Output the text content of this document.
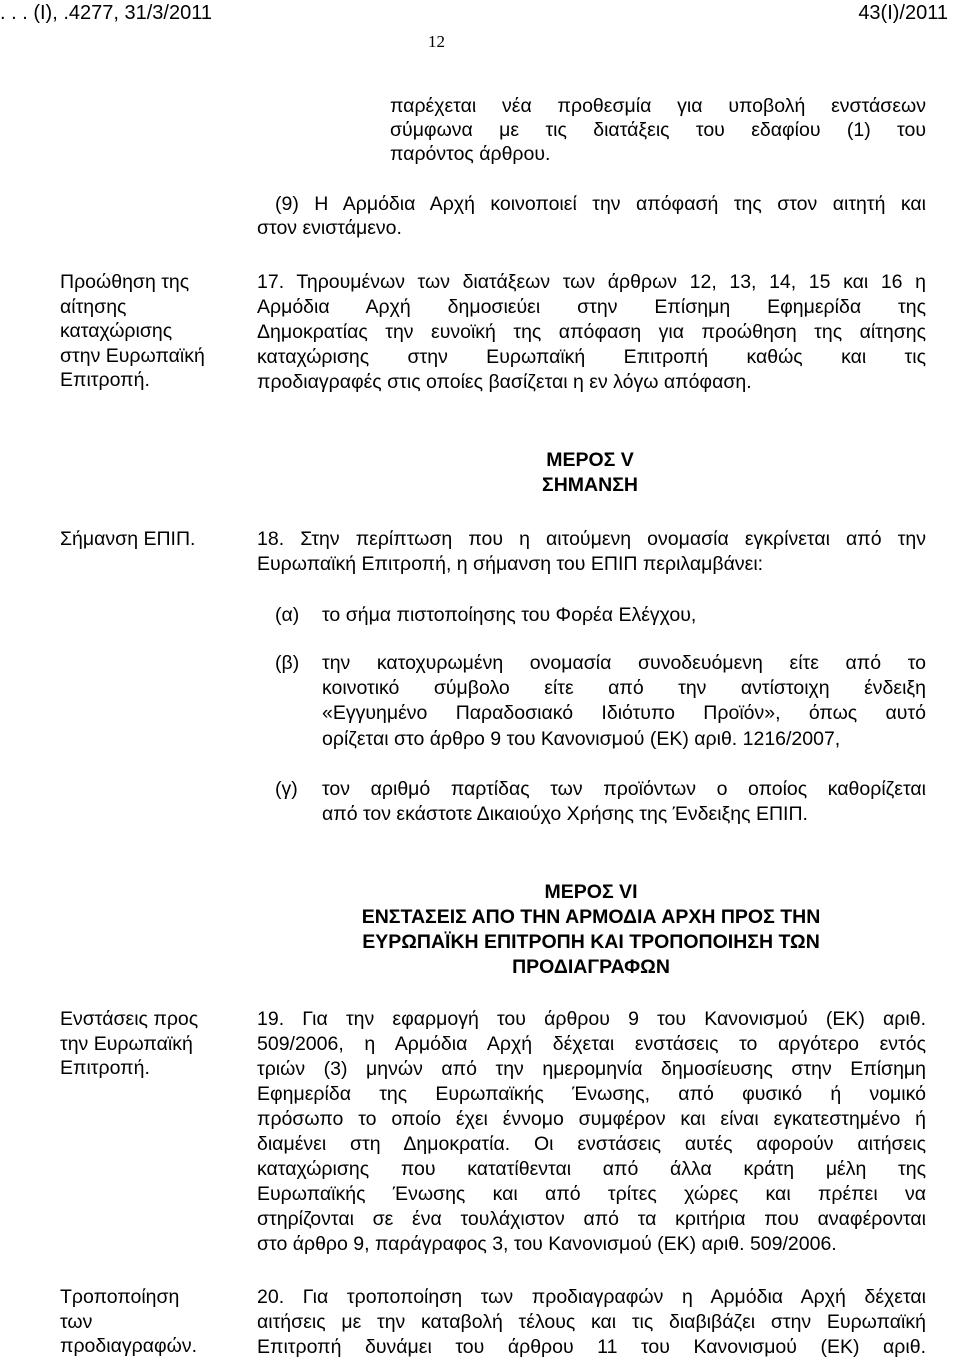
. . . (Ι), .4277, 31/3/2011	43(Ι)/2011
12
παρέχεται νέα προθεσμία για υποβολή ενστάσεων
σύμφωνα με τις διατάξεις του εδαφίου (1) του
παρόντος άρθρου.
(9) Η Αρμόδια Αρχή κοινοποιεί την απόφασή της στον αιτητή και
στον ενιστάμενο.
Προώθηση της
αίτησης
καταχώρισης
στην Ευρωπαϊκή
Επιτροπή.
17. Τηρουμένων των διατάξεων των άρθρων 12, 13, 14, 15 και 16 η
Αρμόδια Αρχή δημοσιεύει στην Επίσημη Εφημερίδα της
Δημοκρατίας την ευνοϊκή της απόφαση για προώθηση της αίτησης
καταχώρισης στην Ευρωπαϊκή Επιτροπή καθώς και τις
προδιαγραφές στις οποίες βασίζεται η εν λόγω απόφαση.
ΜΕΡΟΣ V
ΣΗΜΑΝΣΗ
Σήμανση ΕΠΙΠ.	18. Στην περίπτωση που η αιτούμενη ονομασία εγκρίνεται από την
Ευρωπαϊκή Επιτροπή, η σήμανση του ΕΠΙΠ περιλαμβάνει:
(α) το σήμα πιστοποίησης του Φορέα Ελέγχου,
(β) την κατοχυρωμένη ονομασία συνοδευόμενη είτε από το
κοινοτικό σύμβολο είτε από την αντίστοιχη ένδειξη
«Εγγυημένο Παραδοσιακό Ιδιότυπο Προϊόν», όπως αυτό
ορίζεται στο άρθρο 9 του Κανονισμού (ΕΚ) αριθ. 1216/2007,
(γ) τον αριθμό παρτίδας των προϊόντων ο οποίος καθορίζεται
από τον εκάστοτε Δικαιούχο Χρήσης της Ένδειξης ΕΠΙΠ.
ΜΕΡΟΣ VI
ΕΝΣΤΑΣΕΙΣ ΑΠΟ ΤΗΝ ΑΡΜΟΔΙΑ ΑΡΧΗ ΠΡΟΣ ΤΗΝ
ΕΥΡΩΠΑΪΚΗ ΕΠΙΤΡΟΠΗ ΚΑΙ ΤΡΟΠΟΠΟΙΗΣΗ ΤΩΝ
ΠΡΟΔΙΑΓΡΑΦΩΝ
Ενστάσεις προς
την Ευρωπαϊκή
Επιτροπή.
19. Για την εφαρμογή του άρθρου 9 του Κανονισμού (ΕΚ) αριθ.
509/2006, η Αρμόδια Αρχή δέχεται ενστάσεις το αργότερο εντός
τριών (3) μηνών από την ημερομηνία δημοσίευσης στην Επίσημη
Εφημερίδα της Ευρωπαϊκής Ένωσης, από φυσικό ή νομικό
πρόσωπο το οποίο έχει έννομο συμφέρον και είναι εγκατεστημένο ή
διαμένει στη Δημοκρατία. Οι ενστάσεις αυτές αφορούν αιτήσεις
καταχώρισης που κατατίθενται από άλλα κράτη μέλη της
Ευρωπαϊκής Ένωσης και από τρίτες χώρες και πρέπει να
στηρίζονται σε ένα τουλάχιστον από τα κριτήρια που αναφέρονται
στο άρθρο 9, παράγραφος 3, του Κανονισμού (ΕΚ) αριθ. 509/2006.
Τροποποίηση
των
προδιαγραφών.
20. Για τροποποίηση των προδιαγραφών η Αρμόδια Αρχή δέχεται
αιτήσεις με την καταβολή τέλους και τις διαβιβάζει στην Ευρωπαϊκή
Επιτροπή δυνάμει του άρθρου 11 του Κανονισμού (ΕΚ) αριθ.
